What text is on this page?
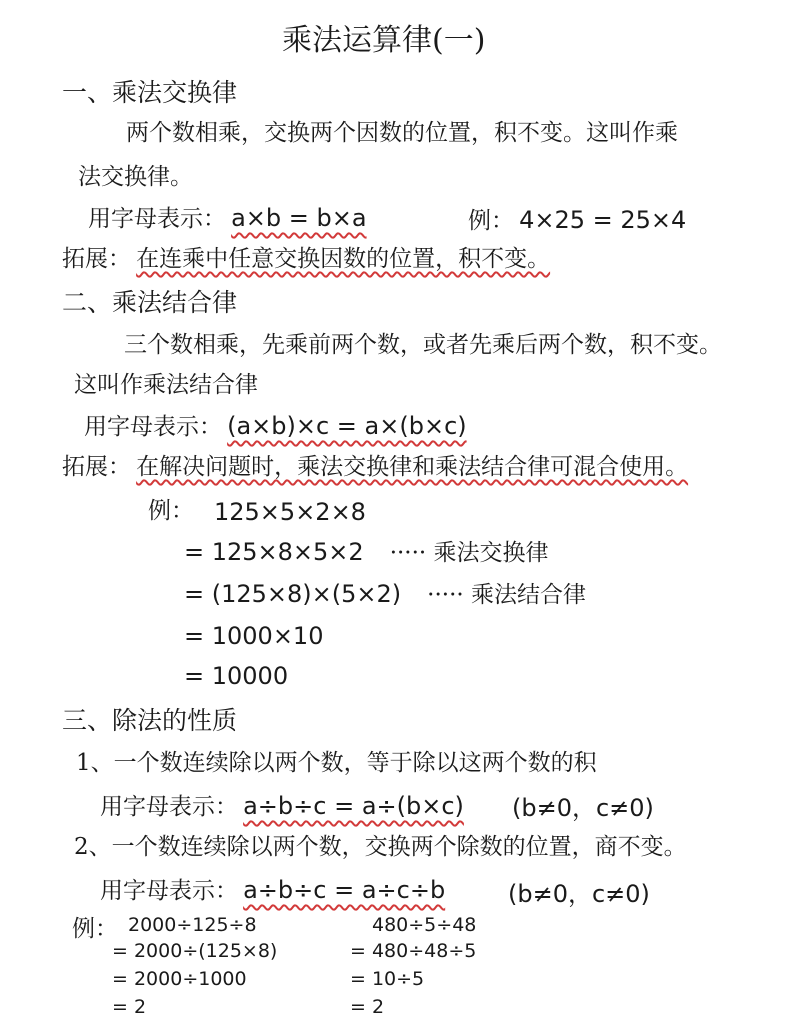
乘法运算律(一)
一、乘法交换律
两个数相乘，交换两个因数的位置，积不变。这叫作乘
法交换律。
用字母表示： a×b = b×a	例： 4×25 = 25×4
拓展： 在连乘中任意交换因数的位置，积不变。
二、乘法结合律
三个数相乘，先乘前两个数，或者先乘后两个数，积不变。
这叫作乘法结合律
用字母表示： (a×b)×c = a×(b×c)
拓展： 在解决问题时，乘法交换律和乘法结合律可混合使用。
例： 125×5×2×8
= 125×8×5×2 ····· 乘法交换律
= (125×8)×(5×2) ····· 乘法结合律
= 1000×10
= 10000
三、除法的性质
1、一个数连续除以两个数，等于除以这两个数的积
用字母表示： a÷b÷c = a÷(b×c) (b≠0，c≠0)
2、一个数连续除以两个数，交换两个除数的位置，商不变。
用字母表示： a÷b÷c = a÷c÷b	(b≠0，c≠0)
例： 2000÷125÷8
= 2000÷(125×8)
= 2000÷1000
= 2
480÷5÷48
= 480÷48÷5
= 10÷5
= 2
